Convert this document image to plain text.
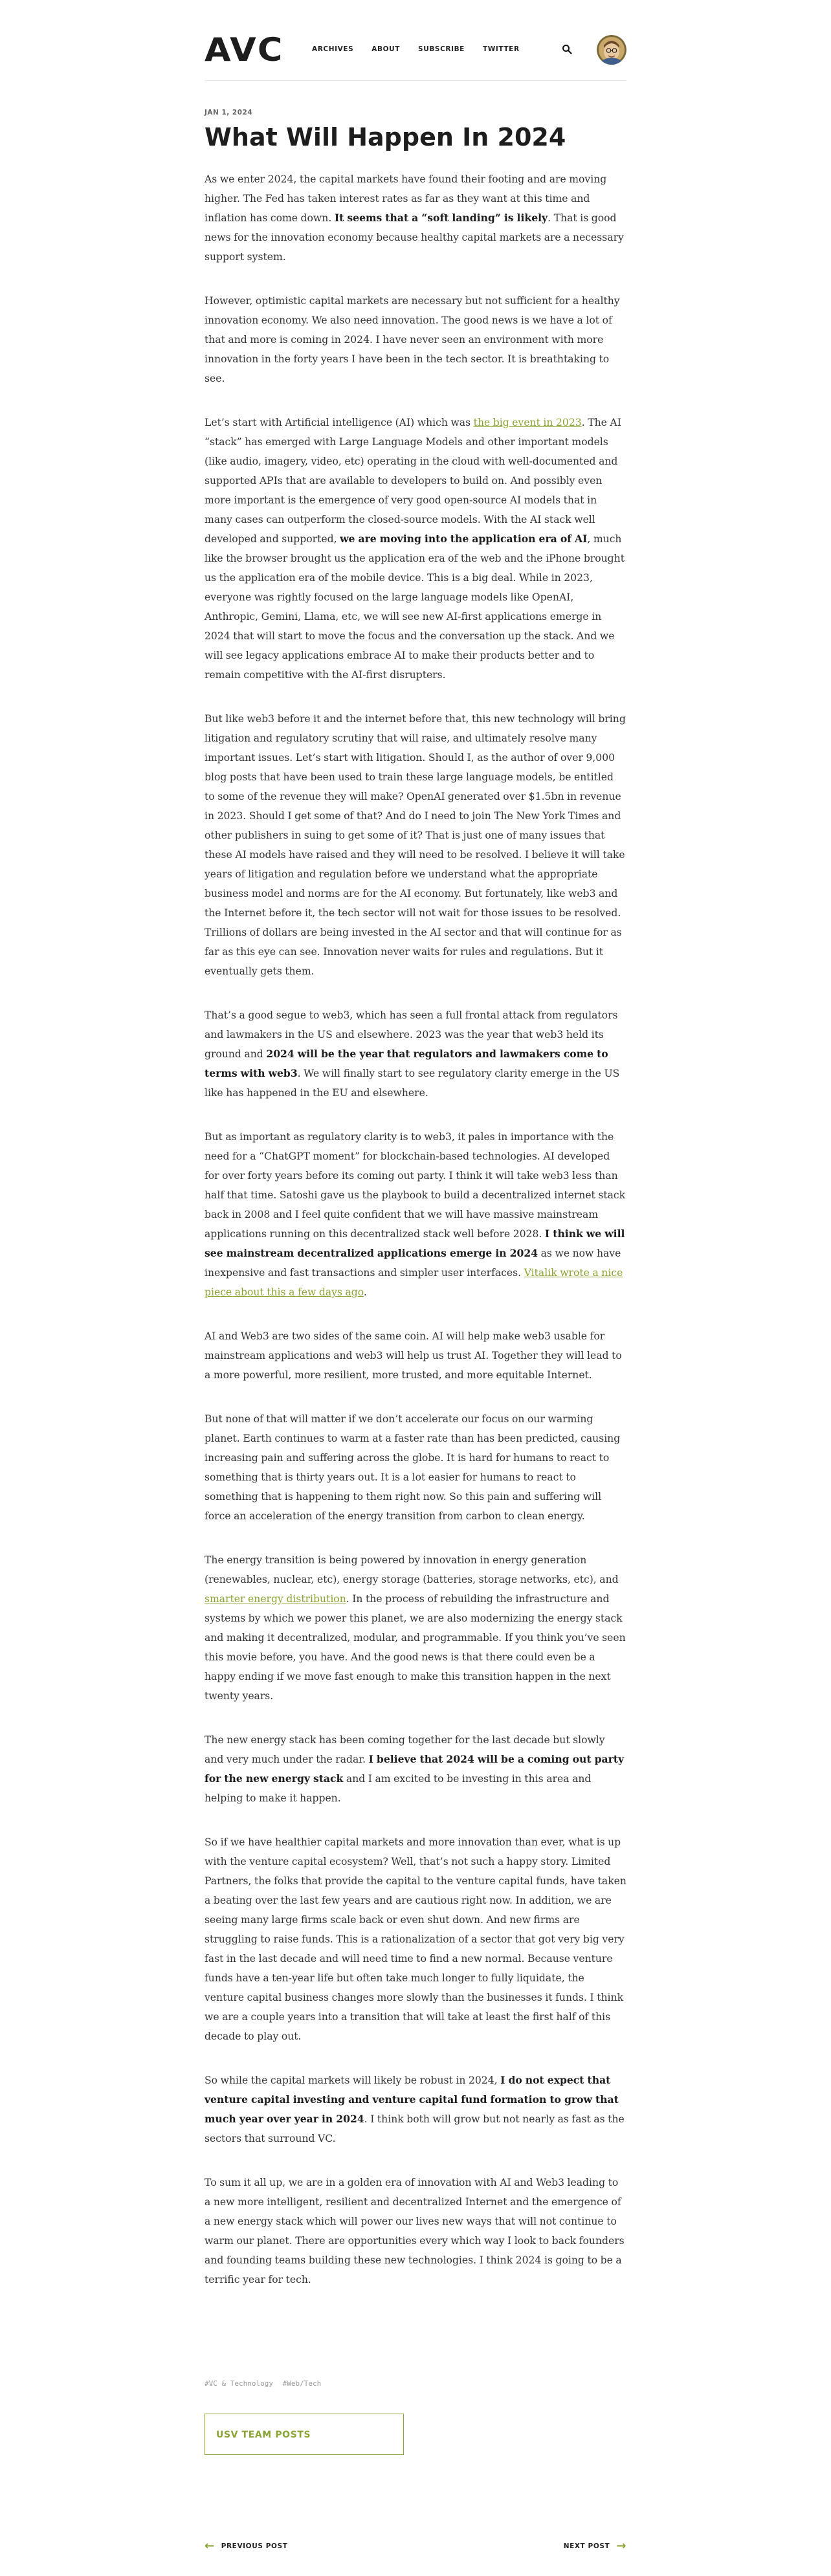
AVC	ARCHIVES	ABOUT	SUBSCRIBE	TWITTER
JAN 1, 2024
What Will Happen In 2024

As we enter 2024, the capital markets have found their footing and are moving higher. The Fed has taken interest rates as far as they want at this time and inflation has come down. It seems that a “soft landing” is likely. That is good news for the innovation economy because healthy capital markets are a necessary support system.

However, optimistic capital markets are necessary but not sufficient for a healthy innovation economy. We also need innovation. The good news is we have a lot of that and more is coming in 2024. I have never seen an environment with more innovation in the forty years I have been in the tech sector. It is breathtaking to see.

Let’s start with Artificial intelligence (AI) which was the big event in 2023. The AI “stack” has emerged with Large Language Models and other important models (like audio, imagery, video, etc) operating in the cloud with well-documented and supported APIs that are available to developers to build on. And possibly even more important is the emergence of very good open-source AI models that in many cases can outperform the closed-source models. With the AI stack well developed and supported, we are moving into the application era of AI, much like the browser brought us the application era of the web and the iPhone brought us the application era of the mobile device. This is a big deal. While in 2023, everyone was rightly focused on the large language models like OpenAI, Anthropic, Gemini, Llama, etc, we will see new AI-first applications emerge in 2024 that will start to move the focus and the conversation up the stack. And we will see legacy applications embrace AI to make their products better and to remain competitive with the AI-first disrupters.

But like web3 before it and the internet before that, this new technology will bring litigation and regulatory scrutiny that will raise, and ultimately resolve many important issues. Let’s start with litigation. Should I, as the author of over 9,000 blog posts that have been used to train these large language models, be entitled to some of the revenue they will make? OpenAI generated over $1.5bn in revenue in 2023. Should I get some of that? And do I need to join The New York Times and other publishers in suing to get some of it? That is just one of many issues that these AI models have raised and they will need to be resolved. I believe it will take years of litigation and regulation before we understand what the appropriate business model and norms are for the AI economy. But fortunately, like web3 and the Internet before it, the tech sector will not wait for those issues to be resolved. Trillions of dollars are being invested in the AI sector and that will continue for as far as this eye can see. Innovation never waits for rules and regulations. But it eventually gets them.

That’s a good segue to web3, which has seen a full frontal attack from regulators and lawmakers in the US and elsewhere. 2023 was the year that web3 held its ground and 2024 will be the year that regulators and lawmakers come to terms with web3. We will finally start to see regulatory clarity emerge in the US like has happened in the EU and elsewhere.

But as important as regulatory clarity is to web3, it pales in importance with the need for a “ChatGPT moment” for blockchain-based technologies. AI developed for over forty years before its coming out party. I think it will take web3 less than half that time. Satoshi gave us the playbook to build a decentralized internet stack back in 2008 and I feel quite confident that we will have massive mainstream applications running on this decentralized stack well before 2028. I think we will see mainstream decentralized applications emerge in 2024 as we now have inexpensive and fast transactions and simpler user interfaces. Vitalik wrote a nice piece about this a few days ago.

AI and Web3 are two sides of the same coin. AI will help make web3 usable for mainstream applications and web3 will help us trust AI. Together they will lead to a more powerful, more resilient, more trusted, and more equitable Internet.

But none of that will matter if we don’t accelerate our focus on our warming planet. Earth continues to warm at a faster rate than has been predicted, causing increasing pain and suffering across the globe. It is hard for humans to react to something that is thirty years out. It is a lot easier for humans to react to something that is happening to them right now. So this pain and suffering will force an acceleration of the energy transition from carbon to clean energy.

The energy transition is being powered by innovation in energy generation (renewables, nuclear, etc), energy storage (batteries, storage networks, etc), and smarter energy distribution. In the process of rebuilding the infrastructure and systems by which we power this planet, we are also modernizing the energy stack and making it decentralized, modular, and programmable. If you think you’ve seen this movie before, you have. And the good news is that there could even be a happy ending if we move fast enough to make this transition happen in the next twenty years.

The new energy stack has been coming together for the last decade but slowly and very much under the radar. I believe that 2024 will be a coming out party for the new energy stack and I am excited to be investing in this area and helping to make it happen.

So if we have healthier capital markets and more innovation than ever, what is up with the venture capital ecosystem? Well, that’s not such a happy story. Limited Partners, the folks that provide the capital to the venture capital funds, have taken a beating over the last few years and are cautious right now. In addition, we are seeing many large firms scale back or even shut down. And new firms are struggling to raise funds. This is a rationalization of a sector that got very big very fast in the last decade and will need time to find a new normal. Because venture funds have a ten-year life but often take much longer to fully liquidate, the venture capital business changes more slowly than the businesses it funds. I think we are a couple years into a transition that will take at least the first half of this decade to play out.

So while the capital markets will likely be robust in 2024, I do not expect that venture capital investing and venture capital fund formation to grow that much year over year in 2024. I think both will grow but not nearly as fast as the sectors that surround VC.

To sum it all up, we are in a golden era of innovation with AI and Web3 leading to a new more intelligent, resilient and decentralized Internet and the emergence of a new energy stack which will power our lives new ways that will not continue to warm our planet. There are opportunities every which way I look to back founders and founding teams building these new technologies. I think 2024 is going to be a terrific year for tech.

#VC & Technology #Web/Tech
USV TEAM POSTS
← PREVIOUS POST	NEXT POST →
